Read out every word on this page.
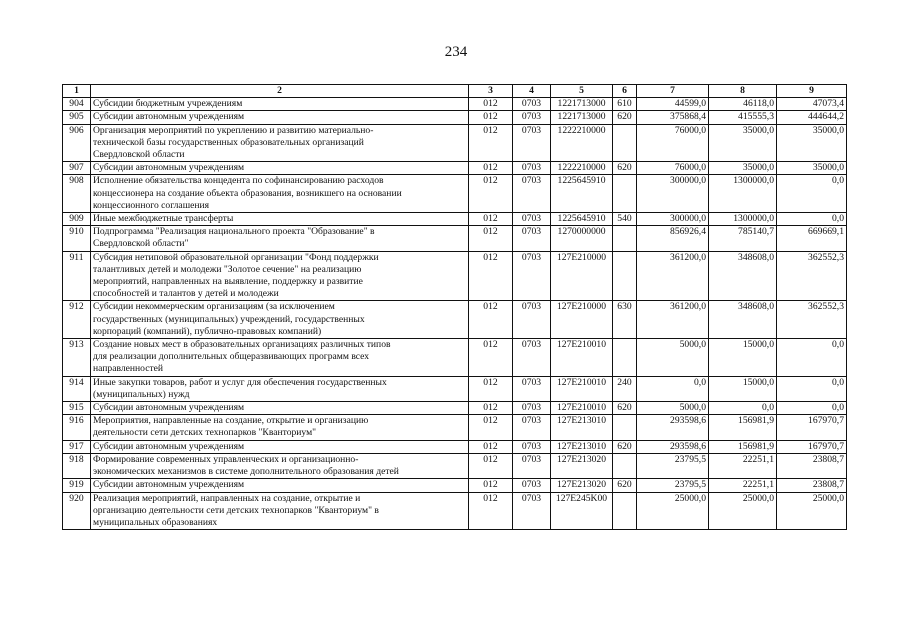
234
1	2	3	4	5	6	7	8	9
904	Субсидии бюджетным учреждениям	012	0703	1221713000	610	44599,0	46118,0	47073,4
905	Субсидии автономным учреждениям	012	0703	1221713000	620	375868,4	415555,3	444644,2
906	Организация мероприятий по укреплению и развитию материально-
технической базы государственных образовательных организаций
Свердловской области	012	0703	1222210000		76000,0	35000,0	35000,0
907	Субсидии автономным учреждениям	012	0703	1222210000	620	76000,0	35000,0	35000,0
908	Исполнение обязательства концедента по софинансированию расходов
концессионера на создание объекта образования, возникшего на основании
концессионного соглашения	012	0703	1225645910		300000,0	1300000,0	0,0
909	Иные межбюджетные трансферты	012	0703	1225645910	540	300000,0	1300000,0	0,0
910	Подпрограмма "Реализация национального проекта "Образование" в
Свердловской области"	012	0703	1270000000		856926,4	785140,7	669669,1
911	Субсидия нетиповой образовательной организации "Фонд поддержки
талантливых детей и молодежи "Золотое сечение" на реализацию
мероприятий, направленных на выявление, поддержку и развитие
способностей и талантов у детей и молодежи	012	0703	127E210000		361200,0	348608,0	362552,3
912	Субсидии некоммерческим организациям (за исключением
государственных (муниципальных) учреждений, государственных
корпораций (компаний), публично-правовых компаний)	012	0703	127E210000	630	361200,0	348608,0	362552,3
913	Создание новых мест в образовательных организациях различных типов
для реализации дополнительных общеразвивающих программ всех
направленностей	012	0703	127E210010		5000,0	15000,0	0,0
914	Иные закупки товаров, работ и услуг для обеспечения государственных
(муниципальных) нужд	012	0703	127E210010	240	0,0	15000,0	0,0
915	Субсидии автономным учреждениям	012	0703	127E210010	620	5000,0	0,0	0,0
916	Мероприятия, направленные на создание, открытие и организацию
деятельности сети детских технопарков "Кванториум"	012	0703	127E213010		293598,6	156981,9	167970,7
917	Субсидии автономным учреждениям	012	0703	127E213010	620	293598,6	156981,9	167970,7
918	Формирование современных управленческих и организационно-
экономических механизмов в системе дополнительного образования детей	012	0703	127E213020		23795,5	22251,1	23808,7
919	Субсидии автономным учреждениям	012	0703	127E213020	620	23795,5	22251,1	23808,7
920	Реализация мероприятий, направленных на создание, открытие и
организацию деятельности сети детских технопарков "Кванториум" в
муниципальных образованиях	012	0703	127E245K00		25000,0	25000,0	25000,0
